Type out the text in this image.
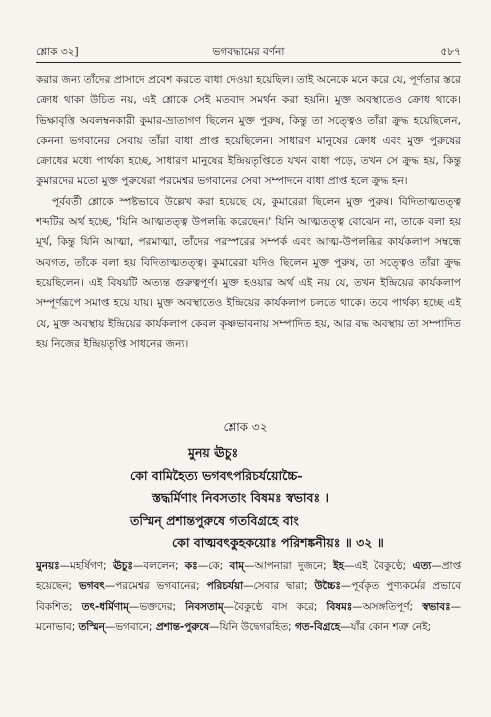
শ্লোক ৩২]	ভগবদ্ধামের বর্ণনা	৫৮৭

করার জন্য তাঁদের প্রাসাদে প্রবেশ করতে বাধা দেওয়া হয়েছিল। তাই অনেকে মনে করে যে, পূর্ণতার স্তরে ক্রোধ থাকা উচিত নয়, এই শ্লোকে সেই মতবাদ সমর্থন করা হয়নি। মুক্ত অবস্থাতেও ক্রোধ থাকে। ভিক্ষাবৃত্তি অবলম্বনকারী কুমার-ভ্রাতাগণ ছিলেন মুক্ত পুরুষ, কিন্তু তা সত্ত্বেও তাঁরা ক্রুদ্ধ হয়েছিলেন, কেননা ভগবানের সেবায় তাঁরা বাধা প্রাপ্ত হয়েছিলেন। সাধারণ মানুষের ক্রোধ এবং মুক্ত পুরুষের ক্রোধের মধ্যে পার্থক্য হচ্ছে, সাধারণ মানুষের ইন্দ্রিয়তৃপ্তিতে যখন বাধা পড়ে, তখন সে ক্রুদ্ধ হয়, কিন্তু কুমারদের মতো মুক্ত পুরুষেরা পরমেশ্বর ভগবানের সেবা সম্পাদনে বাধা প্রাপ্ত হলে ক্রুদ্ধ হন।

পূর্ববর্তী শ্লোকে স্পষ্টভাবে উল্লেখ করা হয়েছে যে, কুমারেরা ছিলেন মুক্ত পুরুষ। বিদিতাত্মতত্ত্ব শব্দটির অর্থ হচ্ছে, 'যিনি আত্মতত্ত্ব উপলব্ধি করেছেন।' যিনি আত্মতত্ত্ব বোঝেন না, তাকে বলা হয় মূর্খ, কিন্তু যিনি আত্মা, পরমাত্মা, তাঁদের পরস্পরের সম্পর্ক এবং আত্ম-উপলব্ধির কার্যকলাপ সম্বন্ধে অবগত, তাঁকে বলা হয় বিদিতাত্মতত্ত্ব। কুমারেরা যদিও ছিলেন মুক্ত পুরুষ, তা সত্ত্বেও তাঁরা ক্রুদ্ধ হয়েছিলেন। এই বিষয়টি অত্যন্ত গুরুত্বপূর্ণ। মুক্ত হওয়ার অর্থ এই নয় যে, তখন ইন্দ্রিয়ের কার্যকলাপ সম্পূর্ণরূপে সমাপ্ত হয়ে যায়। মুক্ত অবস্থাতেও ইন্দ্রিয়ের কার্যকলাপ চলতে থাকে। তবে পার্থক্য হচ্ছে এই যে, মুক্ত অবস্থায় ইন্দ্রিয়ের কার্যকলাপ কেবল কৃষ্ণভাবনায় সম্পাদিত হয়, আর বদ্ধ অবস্থায় তা সম্পাদিত হয় নিজের ইন্দ্রিয়তৃপ্তি সাধনের জন্য।

শ্লোক ৩২
মুনয় ঊচুঃ
কো বামিহৈত্য ভগবৎপরিচর্যয়োচ্চৈ-
স্তদ্ধর্মিণাং নিবসতাং বিষমঃ স্বভাবঃ ।
তস্মিন্ প্রশান্তপুরুষে গতবিগ্রহে বাং
কো বাত্মবৎকুহকয়োঃ পরিশঙ্কনীয়ঃ ॥ ৩২ ॥
মুনয়ঃ—মহর্ষিগণ; ঊচুঃ—বললেন; কঃ—কে; বাম্—আপনারা দুজনে; ইহ—এই বৈকুণ্ঠে; এত্য—প্রাপ্ত হয়েছেন; ভগবৎ—পরমেশ্বর ভগবানের; পরিচর্যয়া—সেবার দ্বারা; উচ্চৈঃ—পূর্বকৃত পুণ্যকর্মের প্রভাবে বিকশিত; তৎ-ধর্মিণাম্—ভক্তদের; নিবসতাম্—বৈকুণ্ঠে বাস করে; বিষমঃ—অসঙ্গতিপূর্ণ; স্বভাবঃ—মনোভাব; তস্মিন্—ভগবানে; প্রশান্ত-পুরুষে—যিনি উদ্বেগরহিত; গত-বিগ্রহে—যাঁর কোন শত্রু নেই;
